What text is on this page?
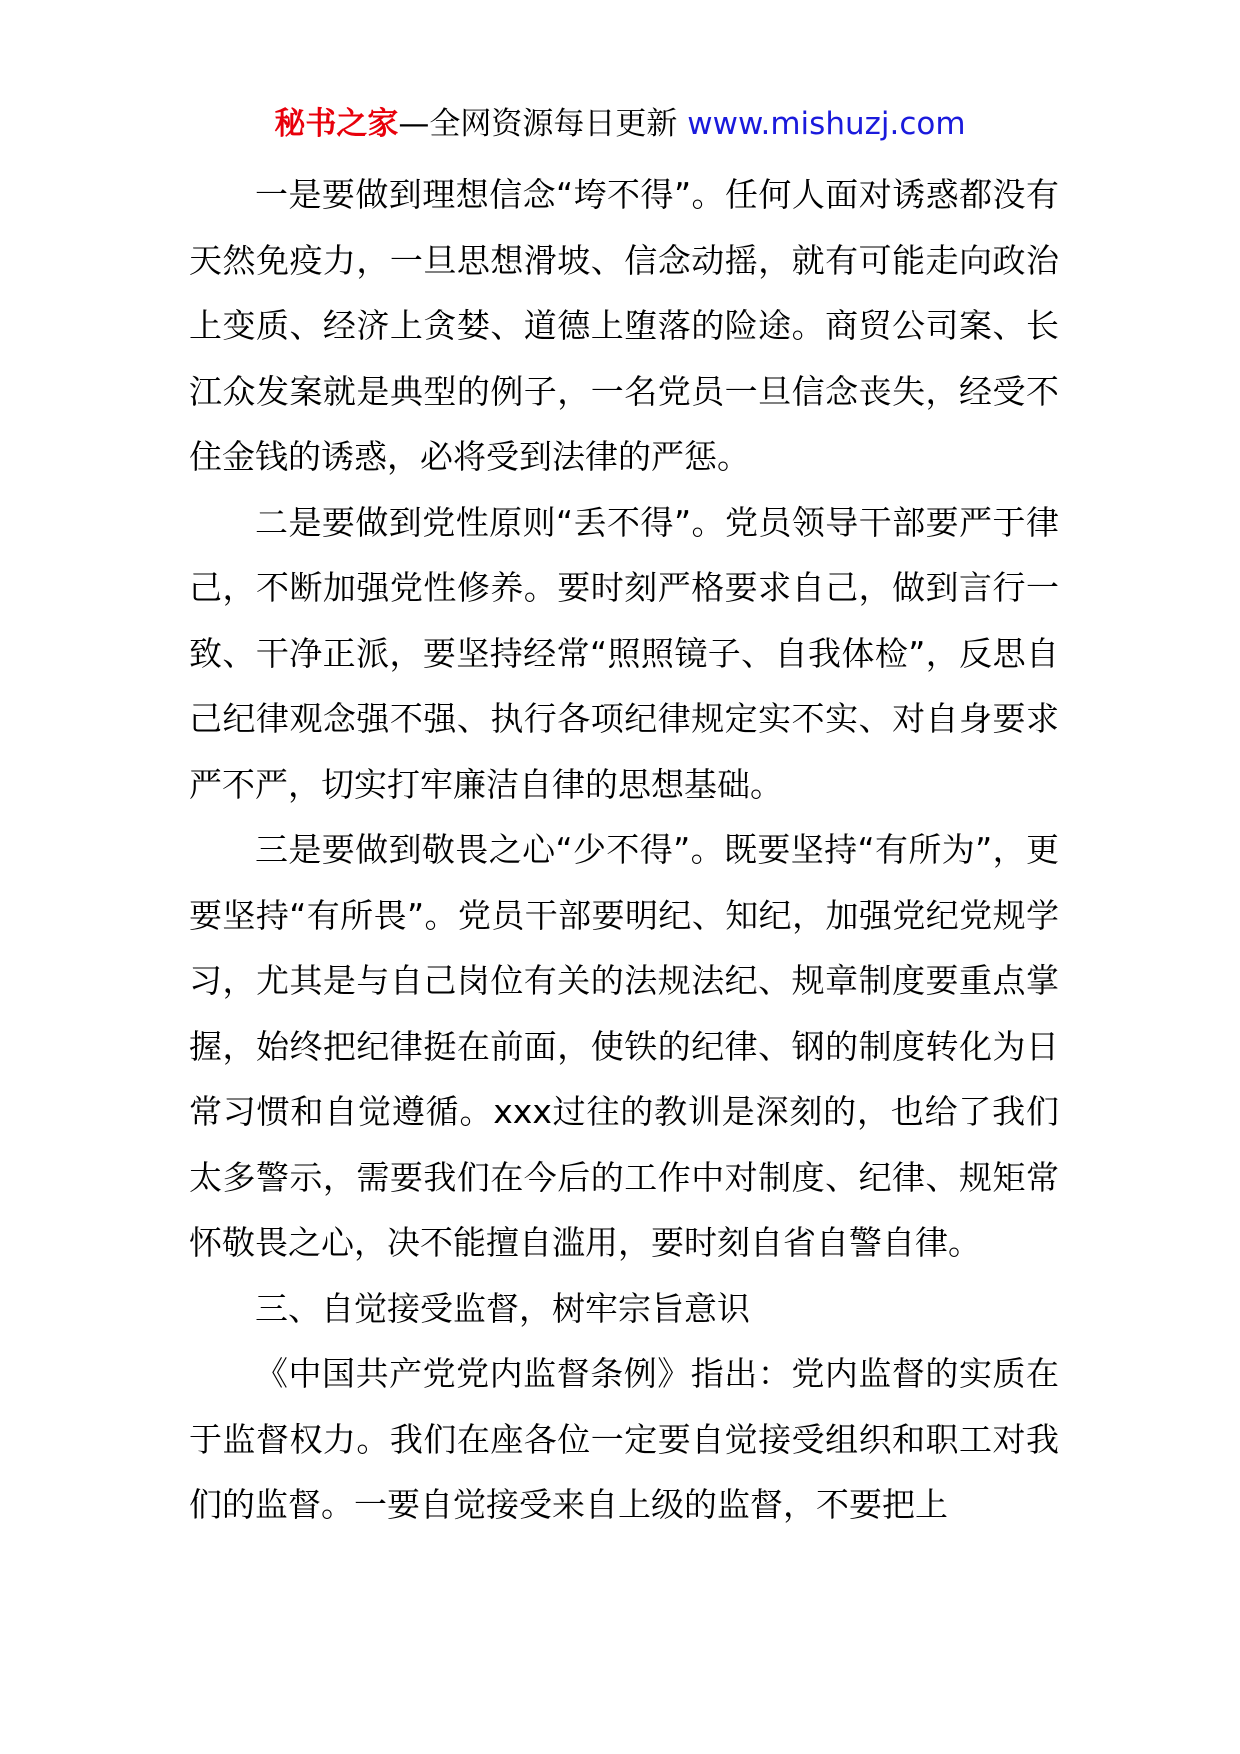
秘书之家—全网资源每日更新 www.mishuzj.com

一是要做到理想信念“垮不得”。任何人面对诱惑都没有天然免疫力，一旦思想滑坡、信念动摇，就有可能走向政治上变质、经济上贪婪、道德上堕落的险途。商贸公司案、长江众发案就是典型的例子，一名党员一旦信念丧失，经受不住金钱的诱惑，必将受到法律的严惩。

二是要做到党性原则“丢不得”。党员领导干部要严于律己，不断加强党性修养。要时刻严格要求自己，做到言行一致、干净正派，要坚持经常“照照镜子、自我体检”，反思自己纪律观念强不强、执行各项纪律规定实不实、对自身要求严不严，切实打牢廉洁自律的思想基础。

三是要做到敬畏之心“少不得”。既要坚持“有所为”，更要坚持“有所畏”。党员干部要明纪、知纪，加强党纪党规学习，尤其是与自己岗位有关的法规法纪、规章制度要重点掌握，始终把纪律挺在前面，使铁的纪律、钢的制度转化为日常习惯和自觉遵循。xxx过往的教训是深刻的，也给了我们太多警示，需要我们在今后的工作中对制度、纪律、规矩常怀敬畏之心，决不能擅自滥用，要时刻自省自警自律。

三、自觉接受监督，树牢宗旨意识

《中国共产党党内监督条例》指出：党内监督的实质在于监督权力。我们在座各位一定要自觉接受组织和职工对我们的监督。一要自觉接受来自上级的监督，不要把上
